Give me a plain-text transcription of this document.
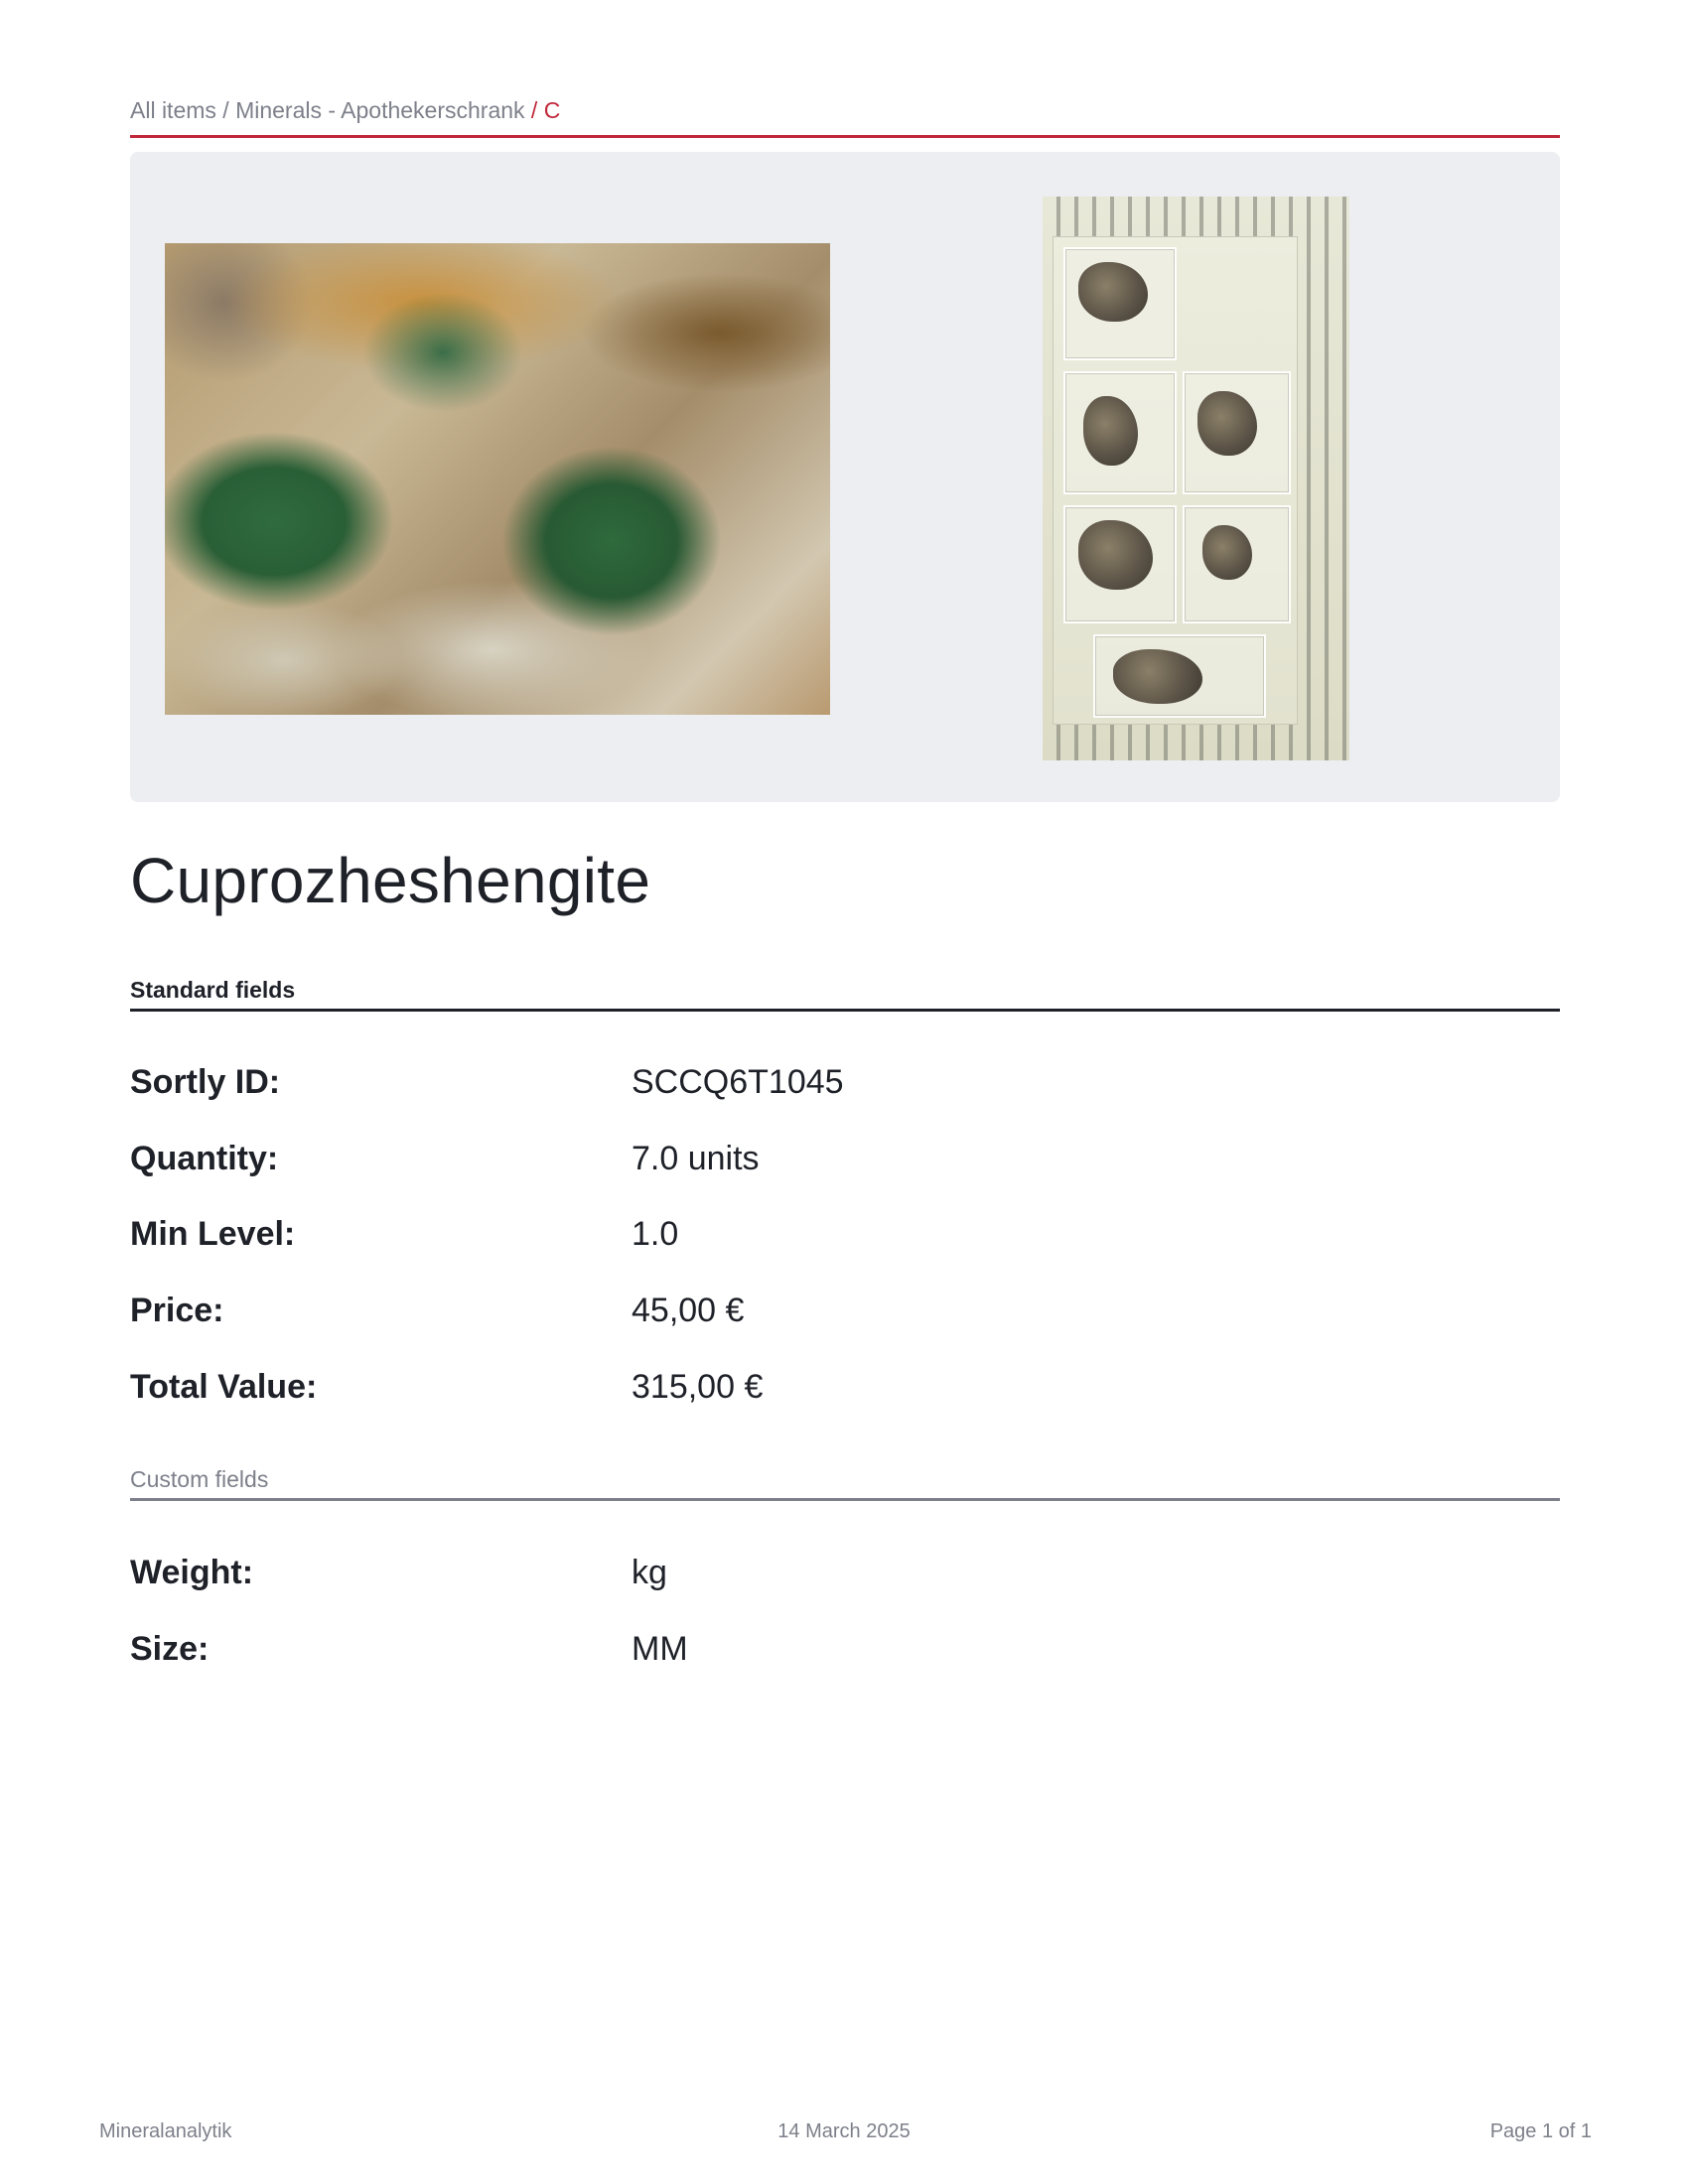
All items / Minerals - Apothekerschrank / C
Cuprozheshengite
Standard fields
Sortly ID:	SCCQ6T1045
Quantity:	7.0 units
Min Level:	1.0
Price:	45,00 €
Total Value:	315,00 €
Custom fields
Weight:	kg
Size:	MM
Mineralanalytik	14 March 2025	Page 1 of 1
